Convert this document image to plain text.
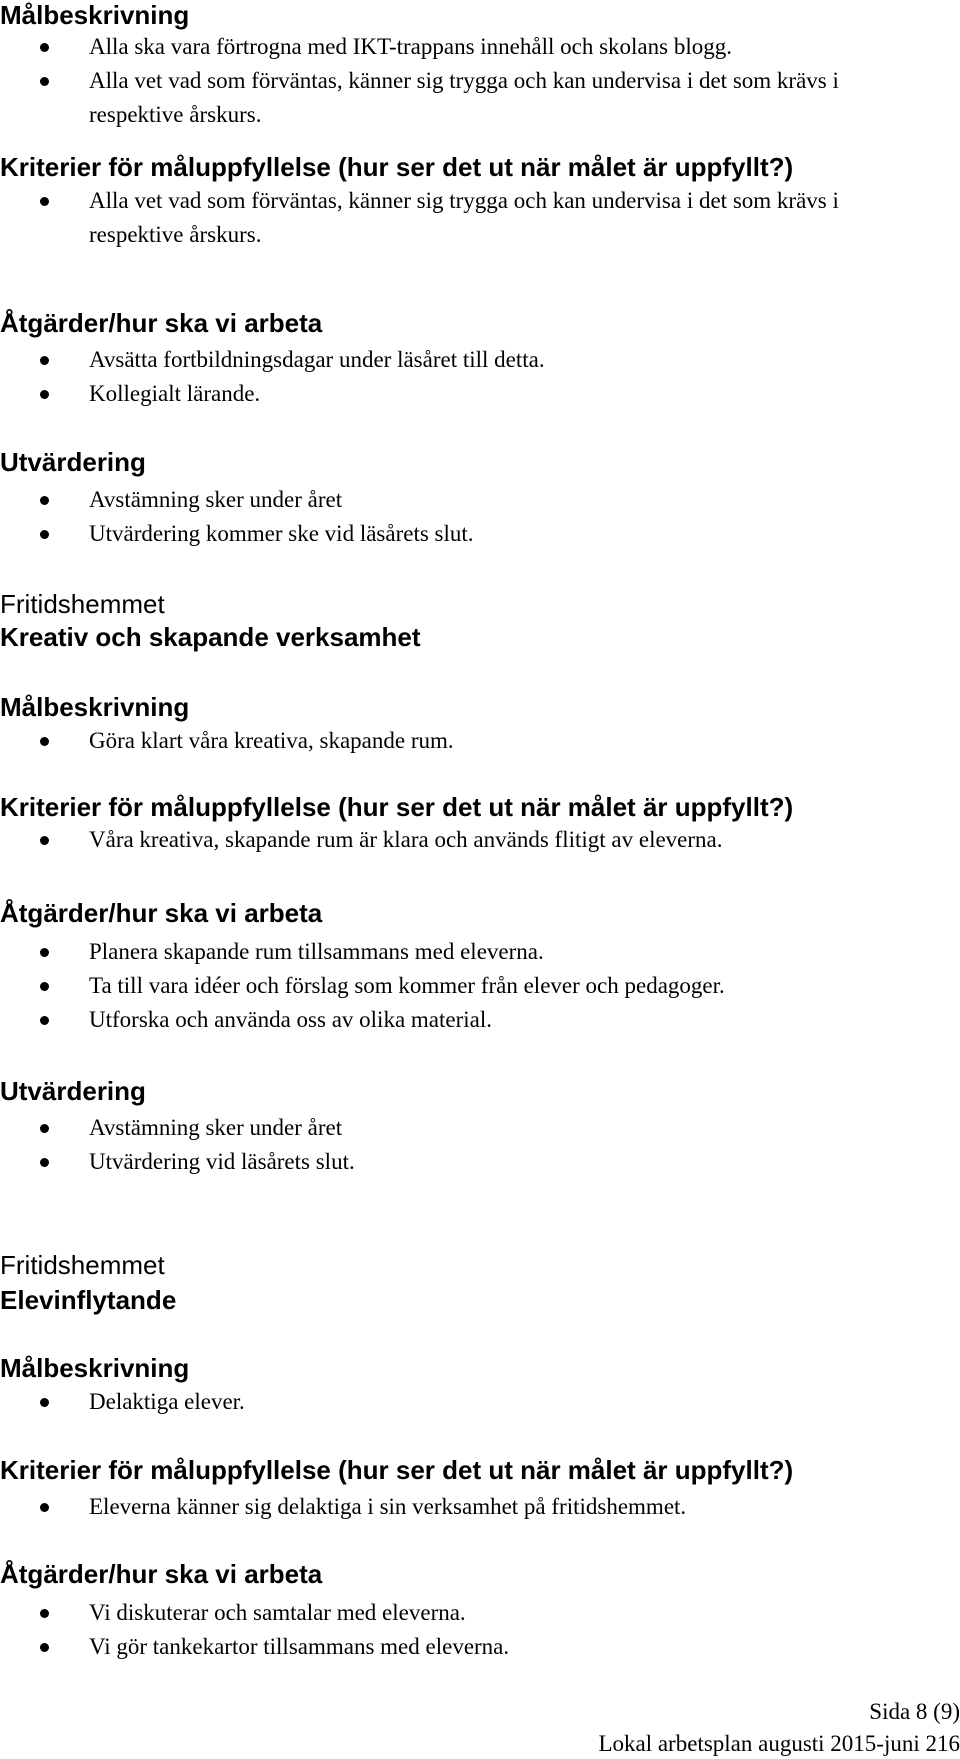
Målbeskrivning
Alla ska vara förtrogna med IKT-trappans innehåll och skolans blogg.
Alla vet vad som förväntas, känner sig trygga och kan undervisa i det som krävs i respektive årskurs.
Kriterier för måluppfyllelse (hur ser det ut när målet är uppfyllt?)
Alla vet vad som förväntas, känner sig trygga och kan undervisa i det som krävs i respektive årskurs.
Åtgärder/hur ska vi arbeta
Avsätta fortbildningsdagar under läsåret till detta.
Kollegialt lärande.
Utvärdering
Avstämning sker under året
Utvärdering kommer ske vid läsårets slut.
Fritidshemmet
Kreativ och skapande verksamhet
Målbeskrivning
Göra klart våra kreativa, skapande rum.
Kriterier för måluppfyllelse (hur ser det ut när målet är uppfyllt?)
Våra kreativa, skapande rum är klara och används flitigt av eleverna.
Åtgärder/hur ska vi arbeta
Planera skapande rum tillsammans med eleverna.
Ta till vara idéer och förslag som kommer från elever och pedagoger.
Utforska och använda oss av olika material.
Utvärdering
Avstämning sker under året
Utvärdering vid läsårets slut.
Fritidshemmet
Elevinflytande
Målbeskrivning
Delaktiga elever.
Kriterier för måluppfyllelse (hur ser det ut när målet är uppfyllt?)
Eleverna känner sig delaktiga i sin verksamhet på fritidshemmet.
Åtgärder/hur ska vi arbeta
Vi diskuterar och samtalar med eleverna.
Vi gör tankekartor tillsammans med eleverna.
Sida 8 (9)
Lokal arbetsplan augusti 2015-juni 216
